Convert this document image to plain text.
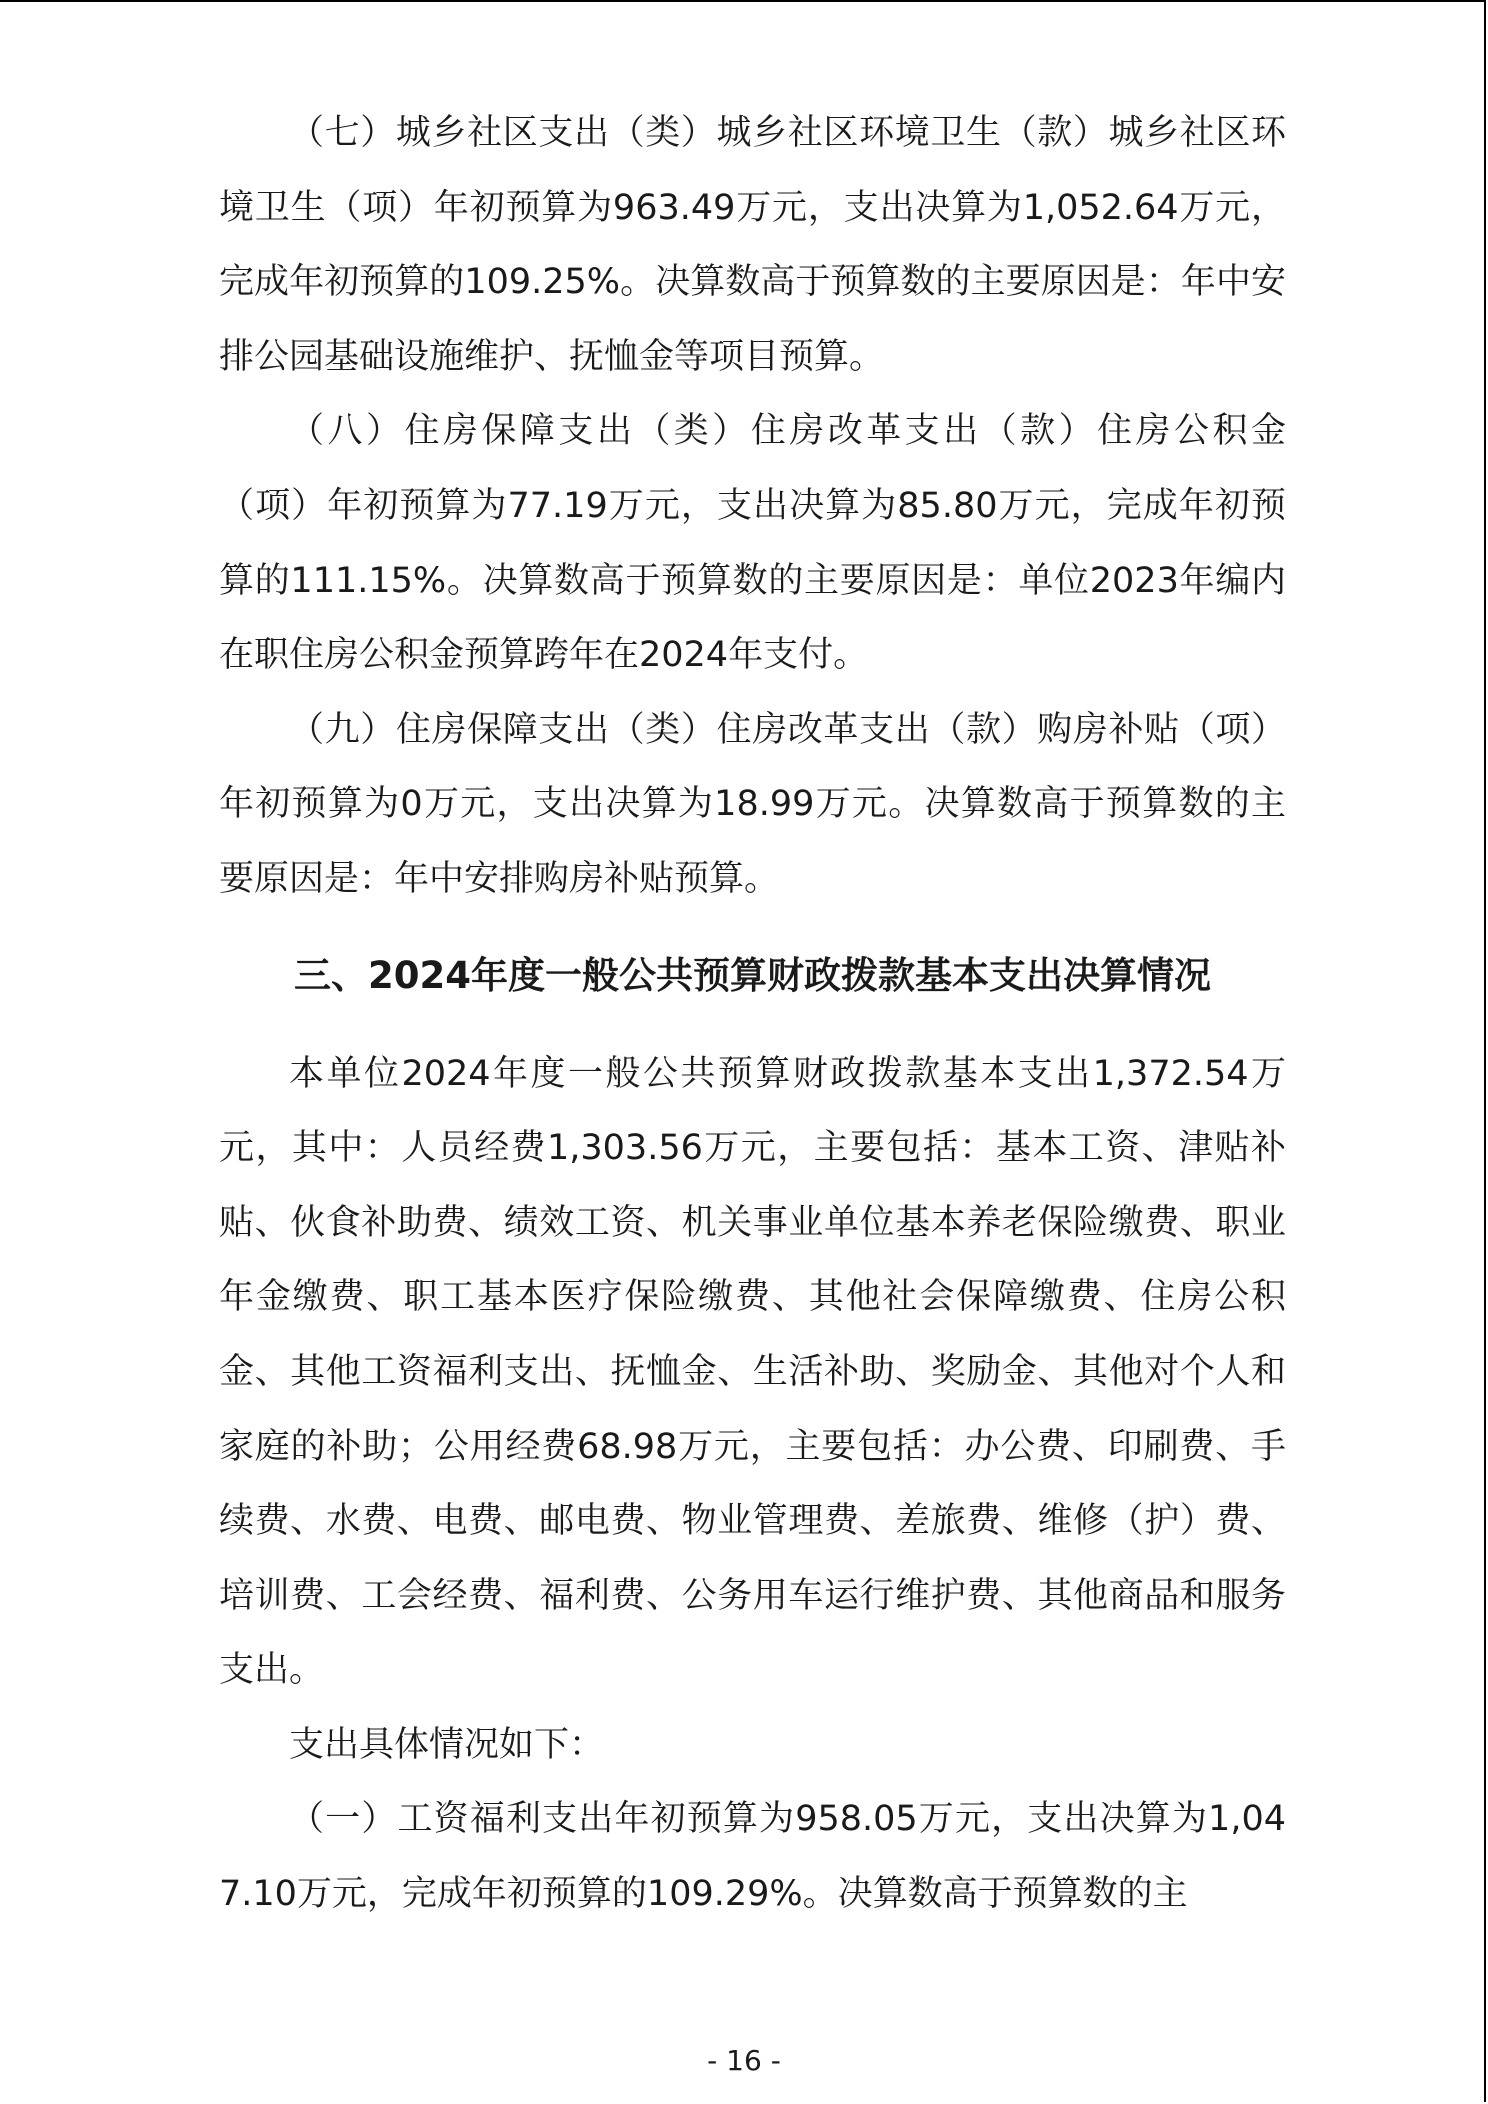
（七）城乡社区支出（类）城乡社区环境卫生（款）城乡社区环境卫生（项）年初预算为963.49万元，支出决算为1,052.64万元，完成年初预算的109.25%。决算数高于预算数的主要原因是：年中安排公园基础设施维护、抚恤金等项目预算。

（八）住房保障支出（类）住房改革支出（款）住房公积金（项）年初预算为77.19万元，支出决算为85.80万元，完成年初预算的111.15%。决算数高于预算数的主要原因是：单位2023年编内在职住房公积金预算跨年在2024年支付。

（九）住房保障支出（类）住房改革支出（款）购房补贴（项）年初预算为0万元，支出决算为18.99万元。决算数高于预算数的主要原因是：年中安排购房补贴预算。

三、2024年度一般公共预算财政拨款基本支出决算情况

本单位2024年度一般公共预算财政拨款基本支出1,372.54万元，其中：人员经费1,303.56万元，主要包括：基本工资、津贴补贴、伙食补助费、绩效工资、机关事业单位基本养老保险缴费、职业年金缴费、职工基本医疗保险缴费、其他社会保障缴费、住房公积金、其他工资福利支出、抚恤金、生活补助、奖励金、其他对个人和家庭的补助；公用经费68.98万元，主要包括：办公费、印刷费、手续费、水费、电费、邮电费、物业管理费、差旅费、维修（护）费、培训费、工会经费、福利费、公务用车运行维护费、其他商品和服务支出。

支出具体情况如下：

（一）工资福利支出年初预算为958.05万元，支出决算为1,047.10万元，完成年初预算的109.29%。决算数高于预算数的主

- 16 -
